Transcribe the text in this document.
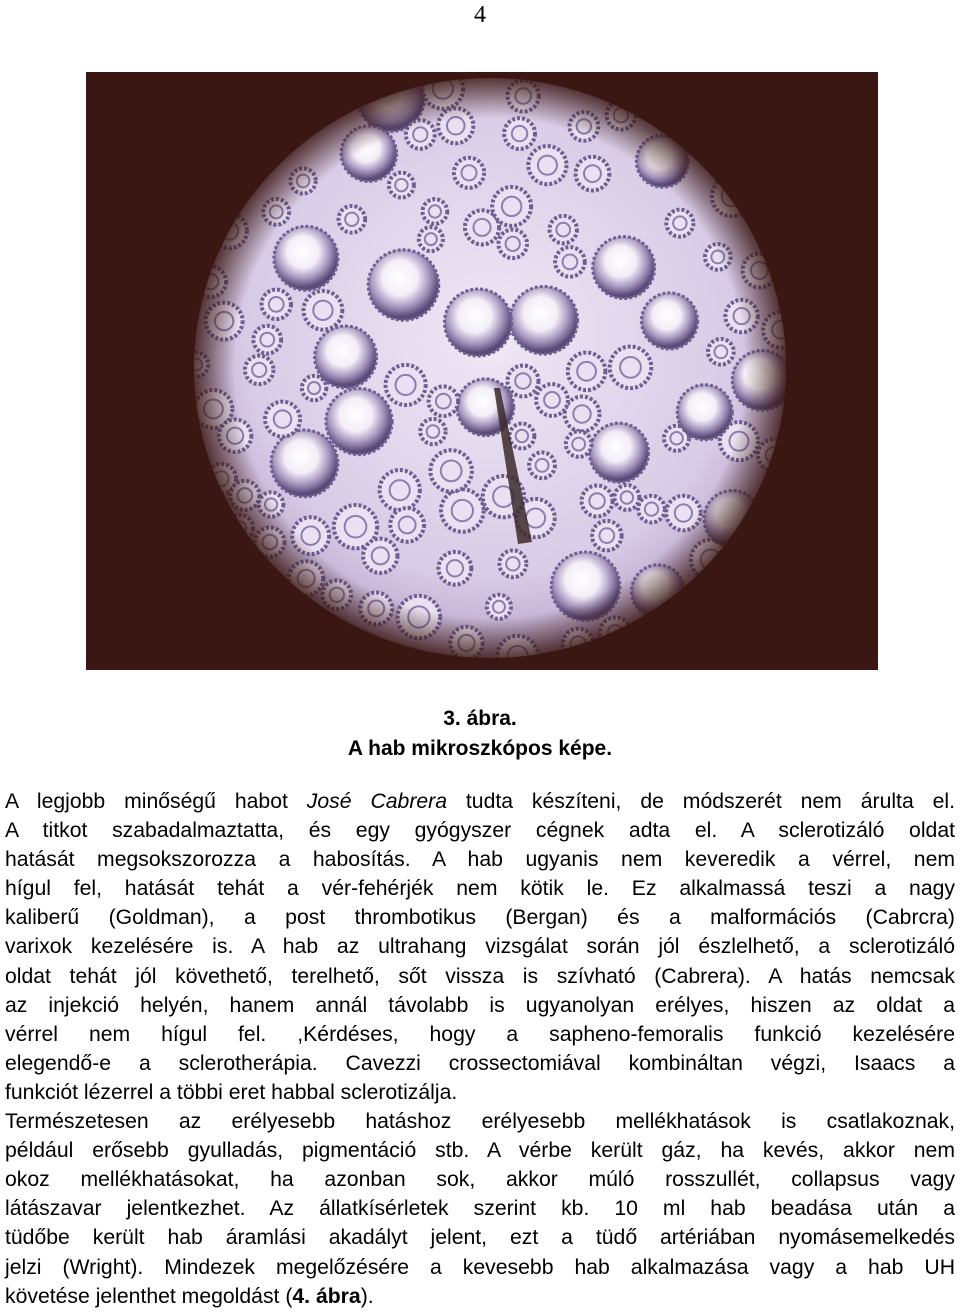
4
3. ábra.
A hab mikroszkópos képe.
A legjobb minőségű habot José Cabrera tudta készíteni, de módszerét nem árulta el.
A titkot szabadalmaztatta, és egy gyógyszer cégnek adta el. A sclerotizáló oldat
hatását megsokszorozza a habosítás. A hab ugyanis nem keveredik a vérrel, nem
hígul fel, hatását tehát a vér-fehérjék nem kötik le. Ez alkalmassá teszi a nagy
kaliberű (Goldman), a post thrombotikus (Bergan) és a malformációs (Cabrcra)
varixok kezelésére is. A hab az ultrahang vizsgálat során jól észlelhető, a sclerotizáló
oldat tehát jól követhető, terelhető, sőt vissza is szívható (Cabrera). A hatás nemcsak
az injekció helyén, hanem annál távolabb is ugyanolyan erélyes, hiszen az oldat a
vérrel nem hígul fel. ,Kérdéses, hogy a sapheno-femoralis funkció kezelésére
elegendő-e a sclerotherápia. Cavezzi crossectomiával kombináltan végzi, Isaacs a
funkciót lézerrel a többi eret habbal sclerotizálja.
Természetesen az erélyesebb hatáshoz erélyesebb mellékhatások is csatlakoznak,
például erősebb gyulladás, pigmentáció stb. A vérbe került gáz, ha kevés, akkor nem
okoz mellékhatásokat, ha azonban sok, akkor múló rosszullét, collapsus vagy
látászavar jelentkezhet. Az állatkísérletek szerint kb. 10 ml hab beadása után a
tüdőbe került hab áramlási akadályt jelent, ezt a tüdő artériában nyomásemelkedés
jelzi (Wright). Mindezek megelőzésére a kevesebb hab alkalmazása vagy a hab UH
követése jelenthet megoldást (4. ábra).
